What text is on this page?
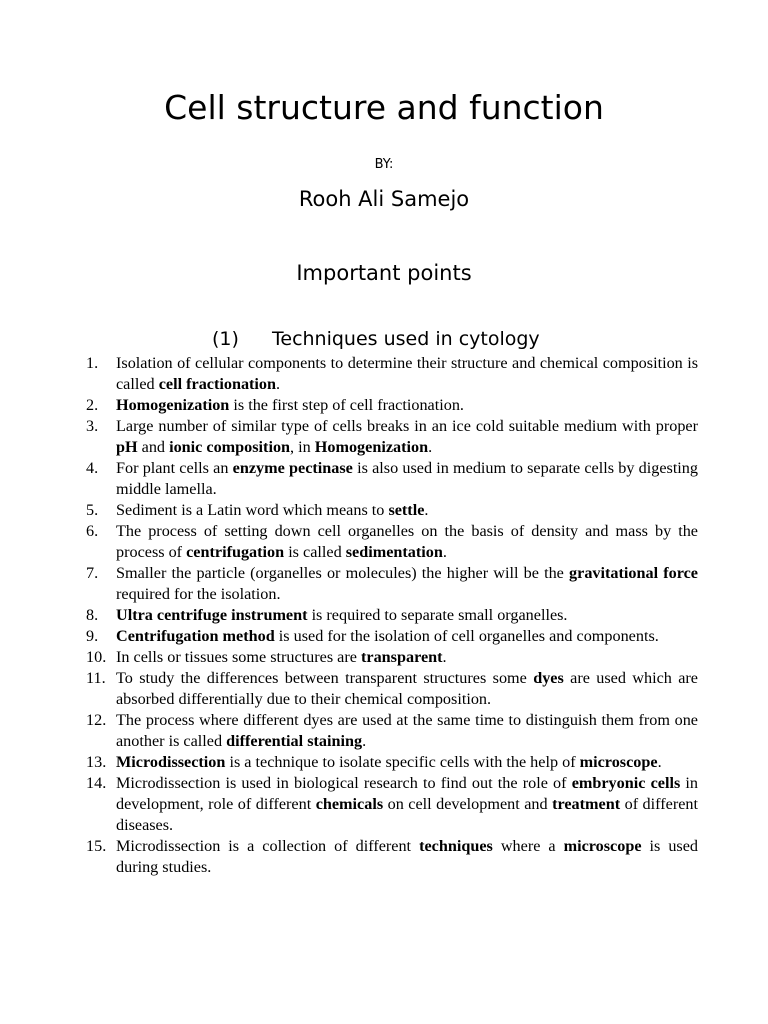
Cell structure and function
BY:
Rooh Ali Samejo
Important points
(1) Techniques used in cytology
1.	Isolation of cellular components to determine their structure and chemical composition is called cell fractionation.
2.	Homogenization is the first step of cell fractionation.
3.	Large number of similar type of cells breaks in an ice cold suitable medium with proper pH and ionic composition, in Homogenization.
4.	For plant cells an enzyme pectinase is also used in medium to separate cells by digesting middle lamella.
5.	Sediment is a Latin word which means to settle.
6.	The process of setting down cell organelles on the basis of density and mass by the process of centrifugation is called sedimentation.
7.	Smaller the particle (organelles or molecules) the higher will be the gravitational force required for the isolation.
8.	Ultra centrifuge instrument is required to separate small organelles.
9.	Centrifugation method is used for the isolation of cell organelles and components.
10. In cells or tissues some structures are transparent.
11. To study the differences between transparent structures some dyes are used which are absorbed differentially due to their chemical composition.
12. The process where different dyes are used at the same time to distinguish them from one another is called differential staining.
13. Microdissection is a technique to isolate specific cells with the help of microscope.
14. Microdissection is used in biological research to find out the role of embryonic cells in development, role of different chemicals on cell development and treatment of different diseases.
15. Microdissection is a collection of different techniques where a microscope is used during studies.
